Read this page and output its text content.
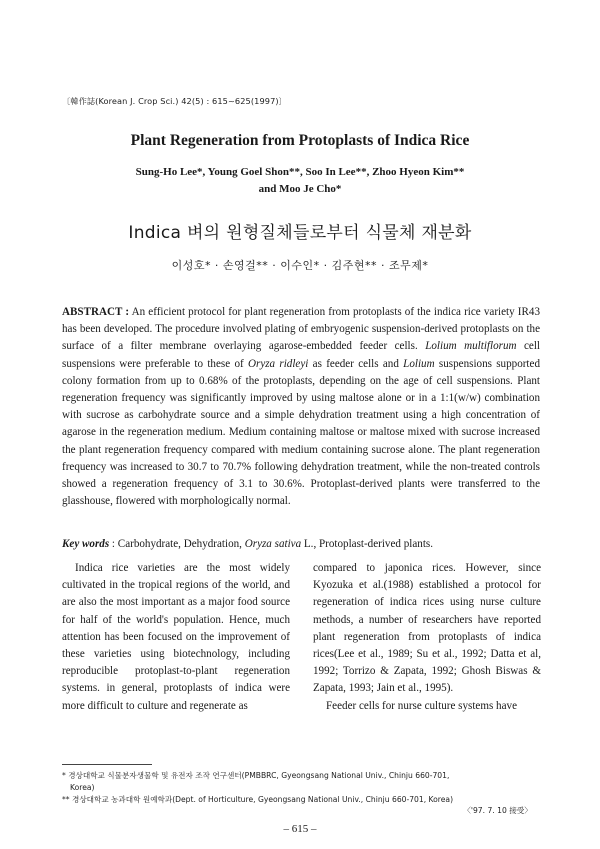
〔韓作誌(Korean J. Crop Sci.) 42(5) : 615~625(1997)〕
Plant Regeneration from Protoplasts of Indica Rice
Sung-Ho Lee*, Young Goel Shon**, Soo In Lee**, Zhoo Hyeon Kim**
and Moo Je Cho*
Indica 벼의 원형질체들로부터 식물체 재분화
이성호* · 손영걸** · 이수인* · 김주현** · 조무제*
ABSTRACT : An efficient protocol for plant regeneration from protoplasts of the indica rice variety IR43 has been developed. The procedure involved plating of embryogenic suspension-derived protoplasts on the surface of a filter membrane overlaying agarose-embedded feeder cells. Lolium multiflorum cell suspensions were preferable to these of Oryza ridleyi as feeder cells and Lolium suspensions supported colony formation from up to 0.68% of the protoplasts, depending on the age of cell suspensions. Plant regeneration frequency was significantly improved by using maltose alone or in a 1:1(w/w) combination with sucrose as carbohydrate source and a simple dehydration treatment using a high concentration of agarose in the regeneration medium. Medium containing maltose or maltose mixed with sucrose increased the plant regeneration frequency compared with medium containing sucrose alone. The plant regeneration frequency was increased to 30.7 to 70.7% following dehydration treatment, while the non-treated controls showed a regeneration frequency of 3.1 to 30.6%. Protoplast-derived plants were transferred to the glasshouse, flowered with morphologically normal.
Key words : Carbohydrate, Dehydration, Oryza sativa L., Protoplast-derived plants.

Indica rice varieties are the most widely cultivated in the tropical regions of the world, and are also the most important as a major food source for half of the world's population. Hence, much attention has been focused on the improvement of these varieties using biotechnology, including reproducible protoplast-to-plant regeneration systems. in general, protoplasts of indica were more difficult to culture and regenerate as

compared to japonica rices. However, since Kyozuka et al.(1988) established a protocol for regeneration of indica rices using nurse culture methods, a number of researchers have reported plant regeneration from protoplasts of indica rices(Lee et al., 1989; Su et al., 1992; Datta et al, 1992; Torrizo & Zapata, 1992; Ghosh Biswas & Zapata, 1993; Jain et al., 1995).

Feeder cells for nurse culture systems have

* 경상대학교 식물분자생물학 및 유전자 조작 연구센터(PMBBRC, Gyeongsang National Univ., Chinju 660-701,
Korea)
** 경상대학교 농과대학 원예학과(Dept. of Horticulture, Gyeongsang National Univ., Chinju 660-701, Korea)
〈'97. 7. 10 接受〉
– 615 –
